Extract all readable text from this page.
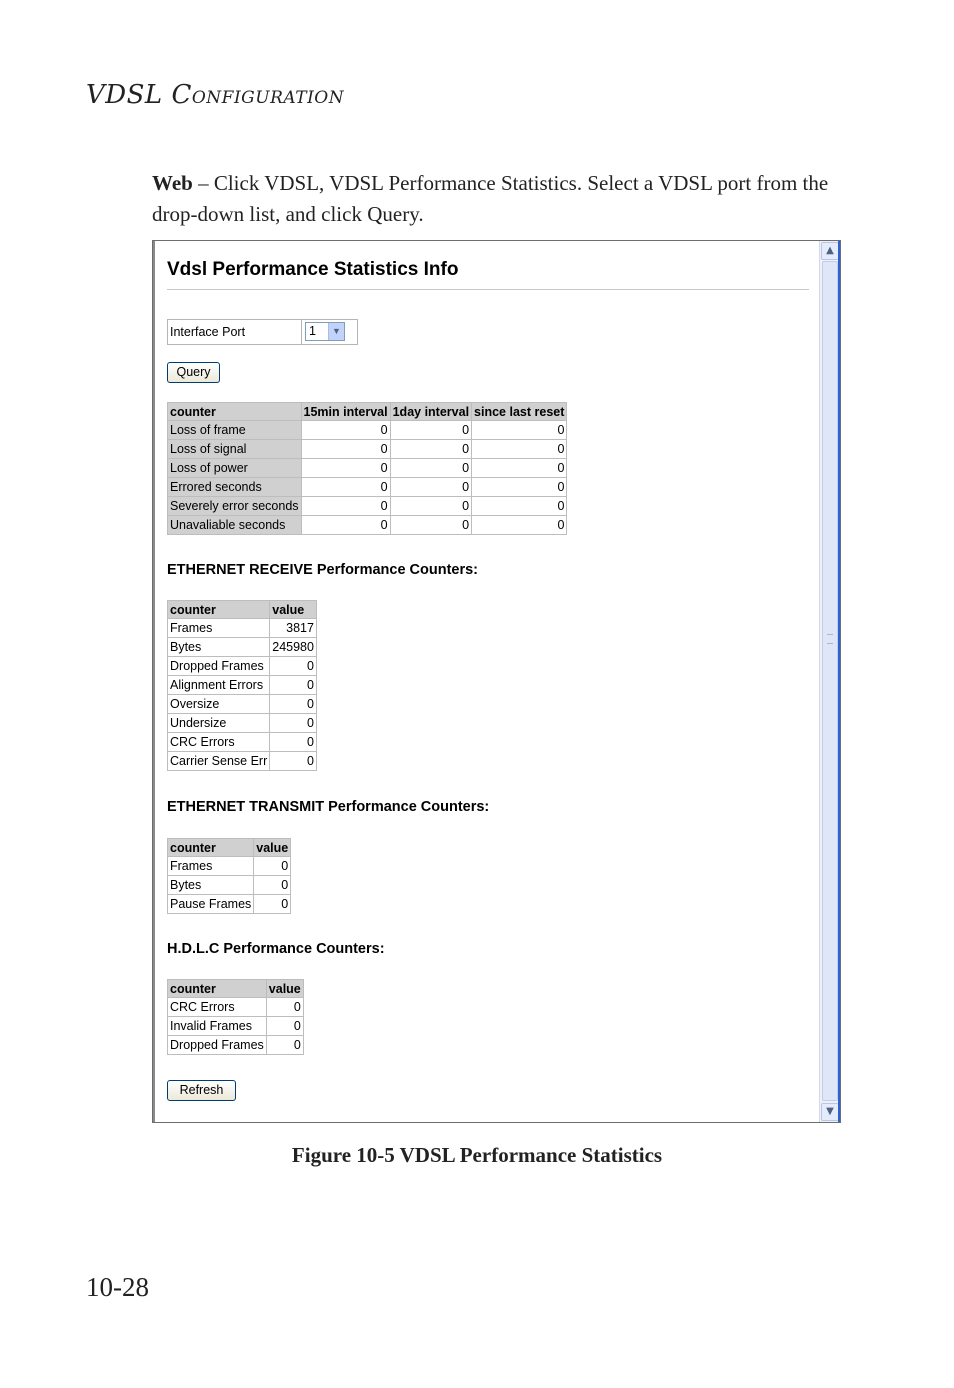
VDSL CONFIGURATION
Web – Click VDSL, VDSL Performance Statistics. Select a VDSL port from the drop-down list, and click Query.
Vdsl Performance Statistics Info
Interface Port	1	▼
Query
counter	15min interval	1day interval	since last reset
Loss of frame	0	0	0
Loss of signal	0	0	0
Loss of power	0	0	0
Errored seconds	0	0	0
Severely error seconds	0	0	0
Unavaliable seconds	0	0	0
ETHERNET RECEIVE Performance Counters:
counter	value
Frames	3817
Bytes	245980
Dropped Frames	0
Alignment Errors	0
Oversize	0
Undersize	0
CRC Errors	0
Carrier Sense Err	0
ETHERNET TRANSMIT Performance Counters:
counter	value
Frames	0
Bytes	0
Pause Frames	0
H.D.L.C Performance Counters:
counter	value
CRC Errors	0
Invalid Frames	0
Dropped Frames	0
Refresh
▲
▼
Figure 10-5 VDSL Performance Statistics
10-28
